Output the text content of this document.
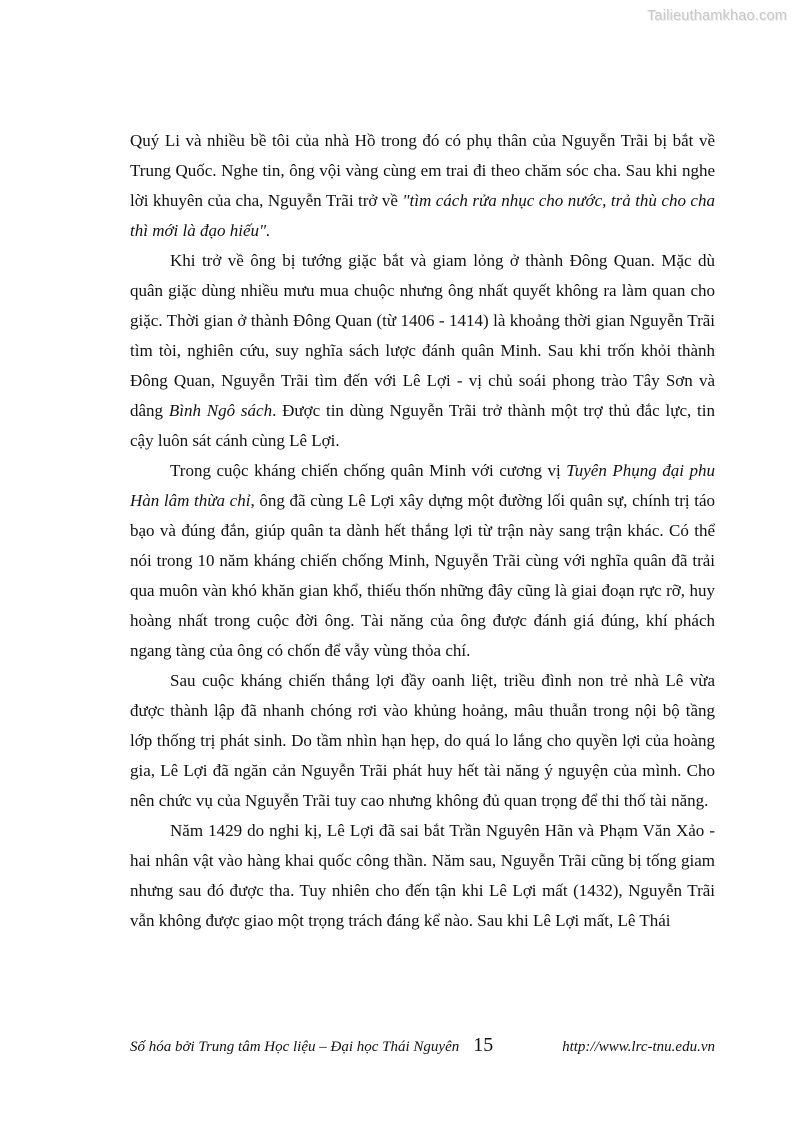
Tailieuthamkhao.com

Quý Li và nhiều bề tôi của nhà Hồ trong đó có phụ thân của Nguyễn Trãi bị bắt về Trung Quốc. Nghe tin, ông vội vàng cùng em trai đi theo chăm sóc cha. Sau khi nghe lời khuyên của cha, Nguyễn Trãi trở về "tìm cách rửa nhục cho nước, trả thù cho cha thì mới là đạo hiếu".

Khi trở về ông bị tướng giặc bắt và giam lỏng ở thành Đông Quan. Mặc dù quân giặc dùng nhiều mưu mua chuộc nhưng ông nhất quyết không ra làm quan cho giặc. Thời gian ở thành Đông Quan (từ 1406 - 1414) là khoảng thời gian Nguyễn Trãi tìm tòi, nghiên cứu, suy nghĩa sách lược đánh quân Minh. Sau khi trốn khỏi thành Đông Quan, Nguyễn Trãi tìm đến với Lê Lợi - vị chủ soái phong trào Tây Sơn và dâng Bình Ngô sách. Được tin dùng Nguyễn Trãi trở thành một trợ thủ đắc lực, tin cậy luôn sát cánh cùng Lê Lợi.

Trong cuộc kháng chiến chống quân Minh với cương vị Tuyên Phụng đại phu Hàn lâm thừa chỉ, ông đã cùng Lê Lợi xây dựng một đường lối quân sự, chính trị táo bạo và đúng đắn, giúp quân ta dành hết thắng lợi từ trận này sang trận khác. Có thể nói trong 10 năm kháng chiến chống Minh, Nguyễn Trãi cùng với nghĩa quân đã trải qua muôn vàn khó khăn gian khổ, thiếu thốn những đây cũng là giai đoạn rực rỡ, huy hoàng nhất trong cuộc đời ông. Tài năng của ông được đánh giá đúng, khí phách ngang tàng của ông có chốn để vẫy vùng thỏa chí.

Sau cuộc kháng chiến thắng lợi đầy oanh liệt, triều đình non trẻ nhà Lê vừa được thành lập đã nhanh chóng rơi vào khủng hoảng, mâu thuẫn trong nội bộ tầng lớp thống trị phát sinh. Do tầm nhìn hạn hẹp, do quá lo lắng cho quyền lợi của hoàng gia, Lê Lợi đã ngăn cản Nguyễn Trãi phát huy hết tài năng ý nguyện của mình. Cho nên chức vụ của Nguyễn Trãi tuy cao nhưng không đủ quan trọng để thi thố tài năng.

Năm 1429 do nghi kị, Lê Lợi đã sai bắt Trần Nguyên Hãn và Phạm Văn Xảo - hai nhân vật vào hàng khai quốc công thần. Năm sau, Nguyễn Trãi cũng bị tống giam nhưng sau đó được tha. Tuy nhiên cho đến tận khi Lê Lợi mất (1432), Nguyễn Trãi vẫn không được giao một trọng trách đáng kể nào. Sau khi Lê Lợi mất, Lê Thái

Số hóa bởi Trung tâm Học liệu – Đại học Thái Nguyên 15	http://www.lrc-tnu.edu.vn
